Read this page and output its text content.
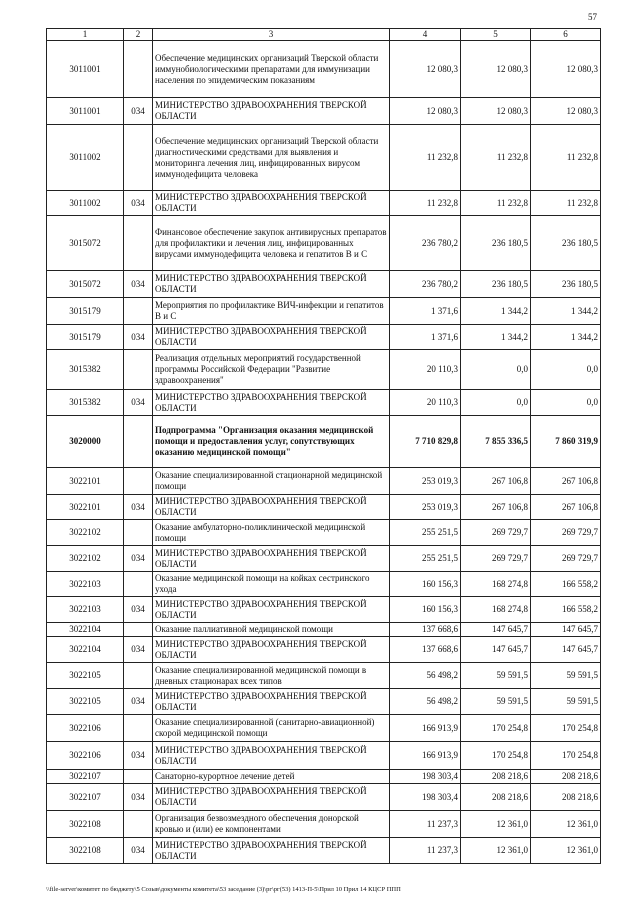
57
1	2	3	4	5	6
3011001		Обеспечение медицинских организаций Тверской области иммунобиологическими препаратами для иммунизации населения по эпидемическим показаниям	12 080,3	12 080,3	12 080,3
3011001	034	МИНИСТЕРСТВО ЗДРАВООХРАНЕНИЯ ТВЕРСКОЙ ОБЛАСТИ	12 080,3	12 080,3	12 080,3
3011002		Обеспечение медицинских организаций Тверской области диагностическими средствами для выявления и мониторинга лечения лиц, инфицированных вирусом иммунодефицита человека	11 232,8	11 232,8	11 232,8
3011002	034	МИНИСТЕРСТВО ЗДРАВООХРАНЕНИЯ ТВЕРСКОЙ ОБЛАСТИ	11 232,8	11 232,8	11 232,8
3015072		Финансовое обеспечение закупок антивирусных препаратов для профилактики и лечения лиц, инфицированных вирусами иммунодефицита человека и гепатитов В и С	236 780,2	236 180,5	236 180,5
3015072	034	МИНИСТЕРСТВО ЗДРАВООХРАНЕНИЯ ТВЕРСКОЙ ОБЛАСТИ	236 780,2	236 180,5	236 180,5
3015179		Мероприятия по профилактике ВИЧ-инфекции и гепатитов В и С	1 371,6	1 344,2	1 344,2
3015179	034	МИНИСТЕРСТВО ЗДРАВООХРАНЕНИЯ ТВЕРСКОЙ ОБЛАСТИ	1 371,6	1 344,2	1 344,2
3015382		Реализация отдельных мероприятий государственной программы Российской Федерации "Развитие здравоохранения"	20 110,3	0,0	0,0
3015382	034	МИНИСТЕРСТВО ЗДРАВООХРАНЕНИЯ ТВЕРСКОЙ ОБЛАСТИ	20 110,3	0,0	0,0
3020000		Подпрограмма "Организация оказания медицинской помощи и предоставления услуг, сопутствующих оказанию медицинской помощи"	7 710 829,8	7 855 336,5	7 860 319,9
3022101		Оказание специализированной стационарной медицинской помощи	253 019,3	267 106,8	267 106,8
3022101	034	МИНИСТЕРСТВО ЗДРАВООХРАНЕНИЯ ТВЕРСКОЙ ОБЛАСТИ	253 019,3	267 106,8	267 106,8
3022102		Оказание амбулаторно-поликлинической медицинской помощи	255 251,5	269 729,7	269 729,7
3022102	034	МИНИСТЕРСТВО ЗДРАВООХРАНЕНИЯ ТВЕРСКОЙ ОБЛАСТИ	255 251,5	269 729,7	269 729,7
3022103		Оказание медицинской помощи на койках сестринского ухода	160 156,3	168 274,8	166 558,2
3022103	034	МИНИСТЕРСТВО ЗДРАВООХРАНЕНИЯ ТВЕРСКОЙ ОБЛАСТИ	160 156,3	168 274,8	166 558,2
3022104		Оказание паллиативной медицинской помощи	137 668,6	147 645,7	147 645,7
3022104	034	МИНИСТЕРСТВО ЗДРАВООХРАНЕНИЯ ТВЕРСКОЙ ОБЛАСТИ	137 668,6	147 645,7	147 645,7
3022105		Оказание специализированной медицинской помощи в дневных стационарах всех типов	56 498,2	59 591,5	59 591,5
3022105	034	МИНИСТЕРСТВО ЗДРАВООХРАНЕНИЯ ТВЕРСКОЙ ОБЛАСТИ	56 498,2	59 591,5	59 591,5
3022106		Оказание специализированной (санитарно-авиационной) скорой медицинской помощи	166 913,9	170 254,8	170 254,8
3022106	034	МИНИСТЕРСТВО ЗДРАВООХРАНЕНИЯ ТВЕРСКОЙ ОБЛАСТИ	166 913,9	170 254,8	170 254,8
3022107		Санаторно-курортное лечение детей	198 303,4	208 218,6	208 218,6
3022107	034	МИНИСТЕРСТВО ЗДРАВООХРАНЕНИЯ ТВЕРСКОЙ ОБЛАСТИ	198 303,4	208 218,6	208 218,6
3022108		Организация безвозмездного обеспечения донорской кровью и (или) ее компонентами	11 237,3	12 361,0	12 361,0
3022108	034	МИНИСТЕРСТВО ЗДРАВООХРАНЕНИЯ ТВЕРСКОЙ ОБЛАСТИ	11 237,3	12 361,0	12 361,0
\\file-server\комитет по бюджету\5 Созыв\документы комитета\53 заседание (3)\рг\рг(53) 1413-П-5\Прил 10 Прил 14 КЦСР ППП
